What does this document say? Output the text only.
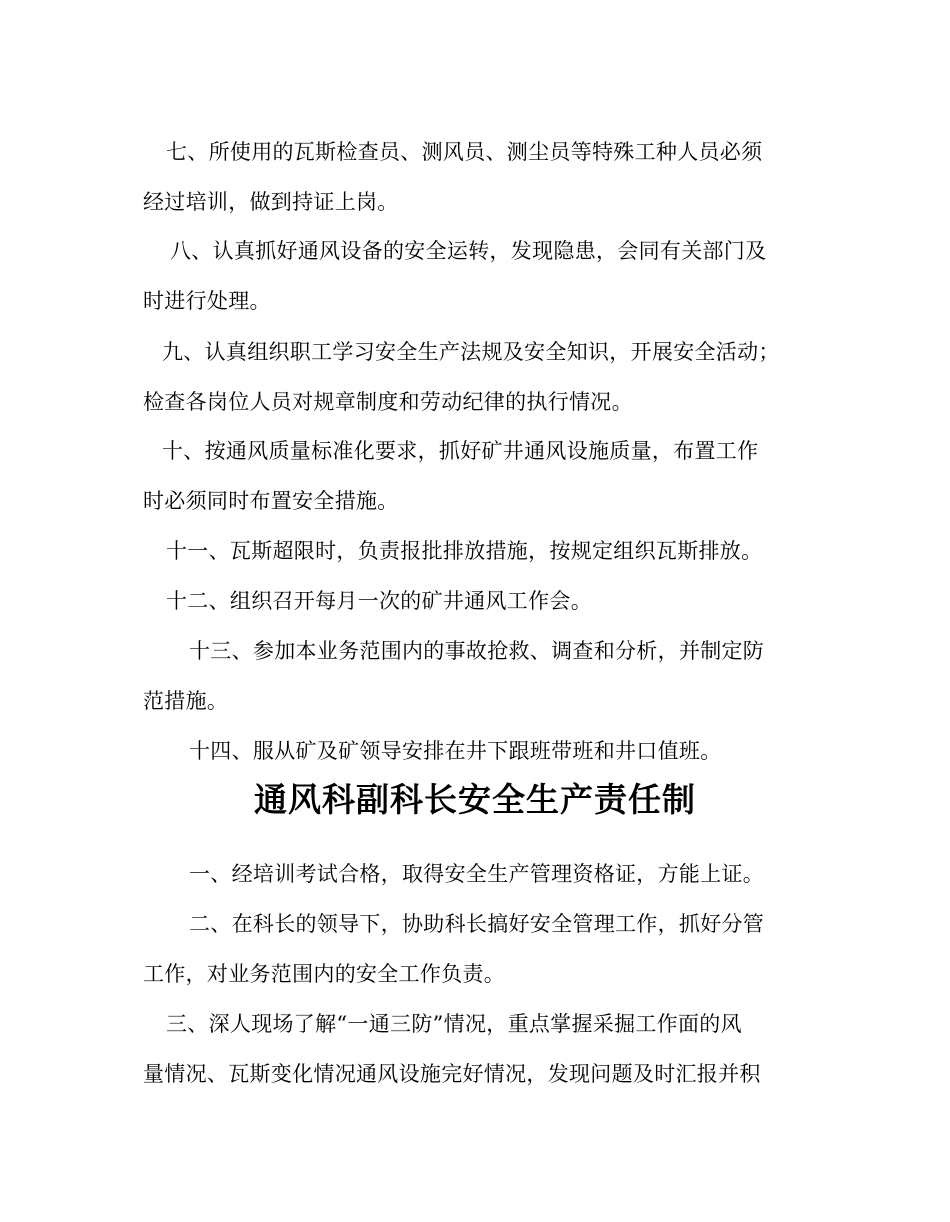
七、所使用的瓦斯检查员、测风员、测尘员等特殊工种人员必须
经过培训，做到持证上岗。
八、认真抓好通风设备的安全运转，发现隐患，会同有关部门及
时进行处理。
九、认真组织职工学习安全生产法规及安全知识，开展安全活动；
检查各岗位人员对规章制度和劳动纪律的执行情况。
十、按通风质量标准化要求，抓好矿井通风设施质量，布置工作
时必须同时布置安全措施。
十一、瓦斯超限时，负责报批排放措施，按规定组织瓦斯排放。
十二、组织召开每月一次的矿井通风工作会。
十三、参加本业务范围内的事故抢救、调查和分析，并制定防
范措施。
十四、服从矿及矿领导安排在井下跟班带班和井口值班。
通风科副科长安全生产责任制
一、经培训考试合格，取得安全生产管理资格证，方能上证。
二、在科长的领导下，协助科长搞好安全管理工作，抓好分管
工作，对业务范围内的安全工作负责。
三、深人现场了解“一通三防”情况，重点掌握采掘工作面的风
量情况、瓦斯变化情况通风设施完好情况，发现问题及时汇报并积
